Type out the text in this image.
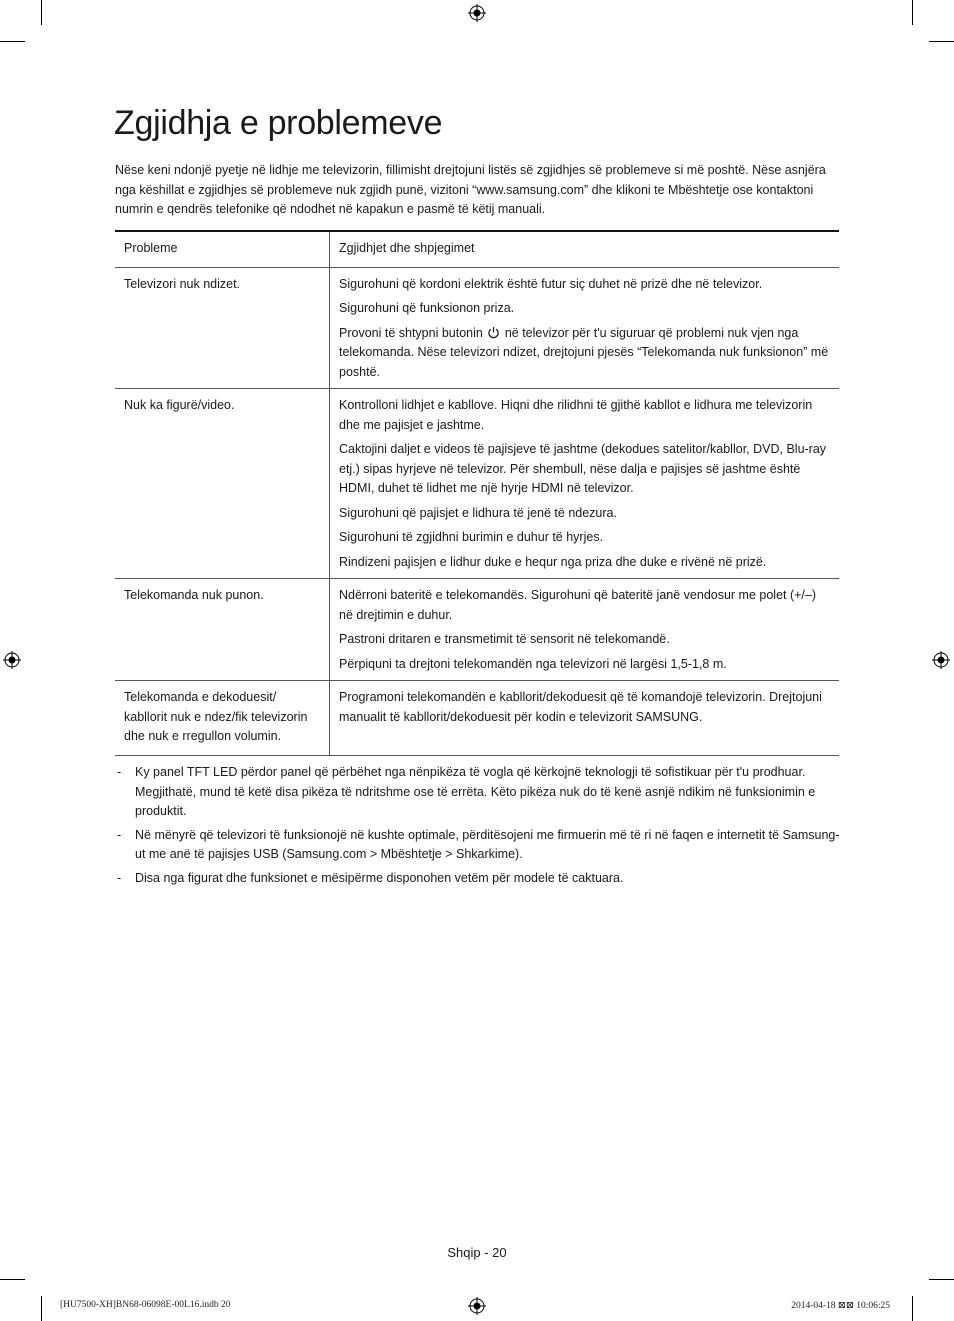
Zgjidhja e problemeve

Nëse keni ndonjë pyetje në lidhje me televizorin, fillimisht drejtojuni listës së zgjidhjes së problemeve si më poshtë. Nëse asnjëra nga këshillat e zgjidhjes së problemeve nuk zgjidh punë, vizitoni “www.samsung.com” dhe klikoni te Mbështetje ose kontaktoni numrin e qendrës telefonike që ndodhet në kapakun e pasmë të këtij manuali.

Probleme	Zgjidhjet dhe shpjegimet
Televizori nuk ndizet.	Sigurohuni që kordoni elektrik është futur siç duhet në prizë dhe në televizor.

Sigurohuni që funksionon priza.

Provoni të shtypni butonin në televizor për t'u siguruar që problemi nuk vjen nga telekomanda. Nëse televizori ndizet, drejtojuni pjesës “Telekomanda nuk funksionon” më poshtë.

Nuk ka figurë/video.	Kontrolloni lidhjet e kabllove. Hiqni dhe rilidhni të gjithë kabllot e lidhura me televizorin dhe me pajisjet e jashtme.

Caktojini daljet e videos të pajisjeve të jashtme (dekodues satelitor/kabllor, DVD, Blu-ray etj.) sipas hyrjeve në televizor. Për shembull, nëse dalja e pajisjes së jashtme është HDMI, duhet të lidhet me një hyrje HDMI në televizor.

Sigurohuni që pajisjet e lidhura të jenë të ndezura.

Sigurohuni të zgjidhni burimin e duhur të hyrjes.

Rindizeni pajisjen e lidhur duke e hequr nga priza dhe duke e rivënë në prizë.

Telekomanda nuk punon.	Ndërroni bateritë e telekomandës. Sigurohuni që bateritë janë vendosur me polet (+/–) në drejtimin e duhur.

Pastroni dritaren e transmetimit të sensorit në telekomandë.

Përpiquni ta drejtoni telekomandën nga televizori në largësi 1,5-1,8 m.

Telekomanda e dekoduesit/ kabllorit nuk e ndez/fik televizorin dhe nuk e rregullon volumin.	Programoni telekomandën e kabllorit/dekoduesit që të komandojë televizorin. Drejtojuni manualit të kabllorit/dekoduesit për kodin e televizorit SAMSUNG.

- Ky panel TFT LED përdor panel që përbëhet nga nënpikëza të vogla që kërkojnë teknologji të sofistikuar për t'u prodhuar. Megjithatë, mund të ketë disa pikëza të ndritshme ose të errëta. Këto pikëza nuk do të kenë asnjë ndikim në funksionimin e produktit.
- Në mënyrë që televizori të funksionojë në kushte optimale, përditësojeni me firmuerin më të ri në faqen e internetit të Samsung-ut me anë të pajisjes USB (Samsung.com > Mbështetje > Shkarkime).
- Disa nga figurat dhe funksionet e mësipërme disponohen vetëm për modele të caktuara.
Shqip - 20
[HU7500-XH]BN68-06098E-00L16.indb 20	2014-04-18 ⊠⊠ 10:06:25
